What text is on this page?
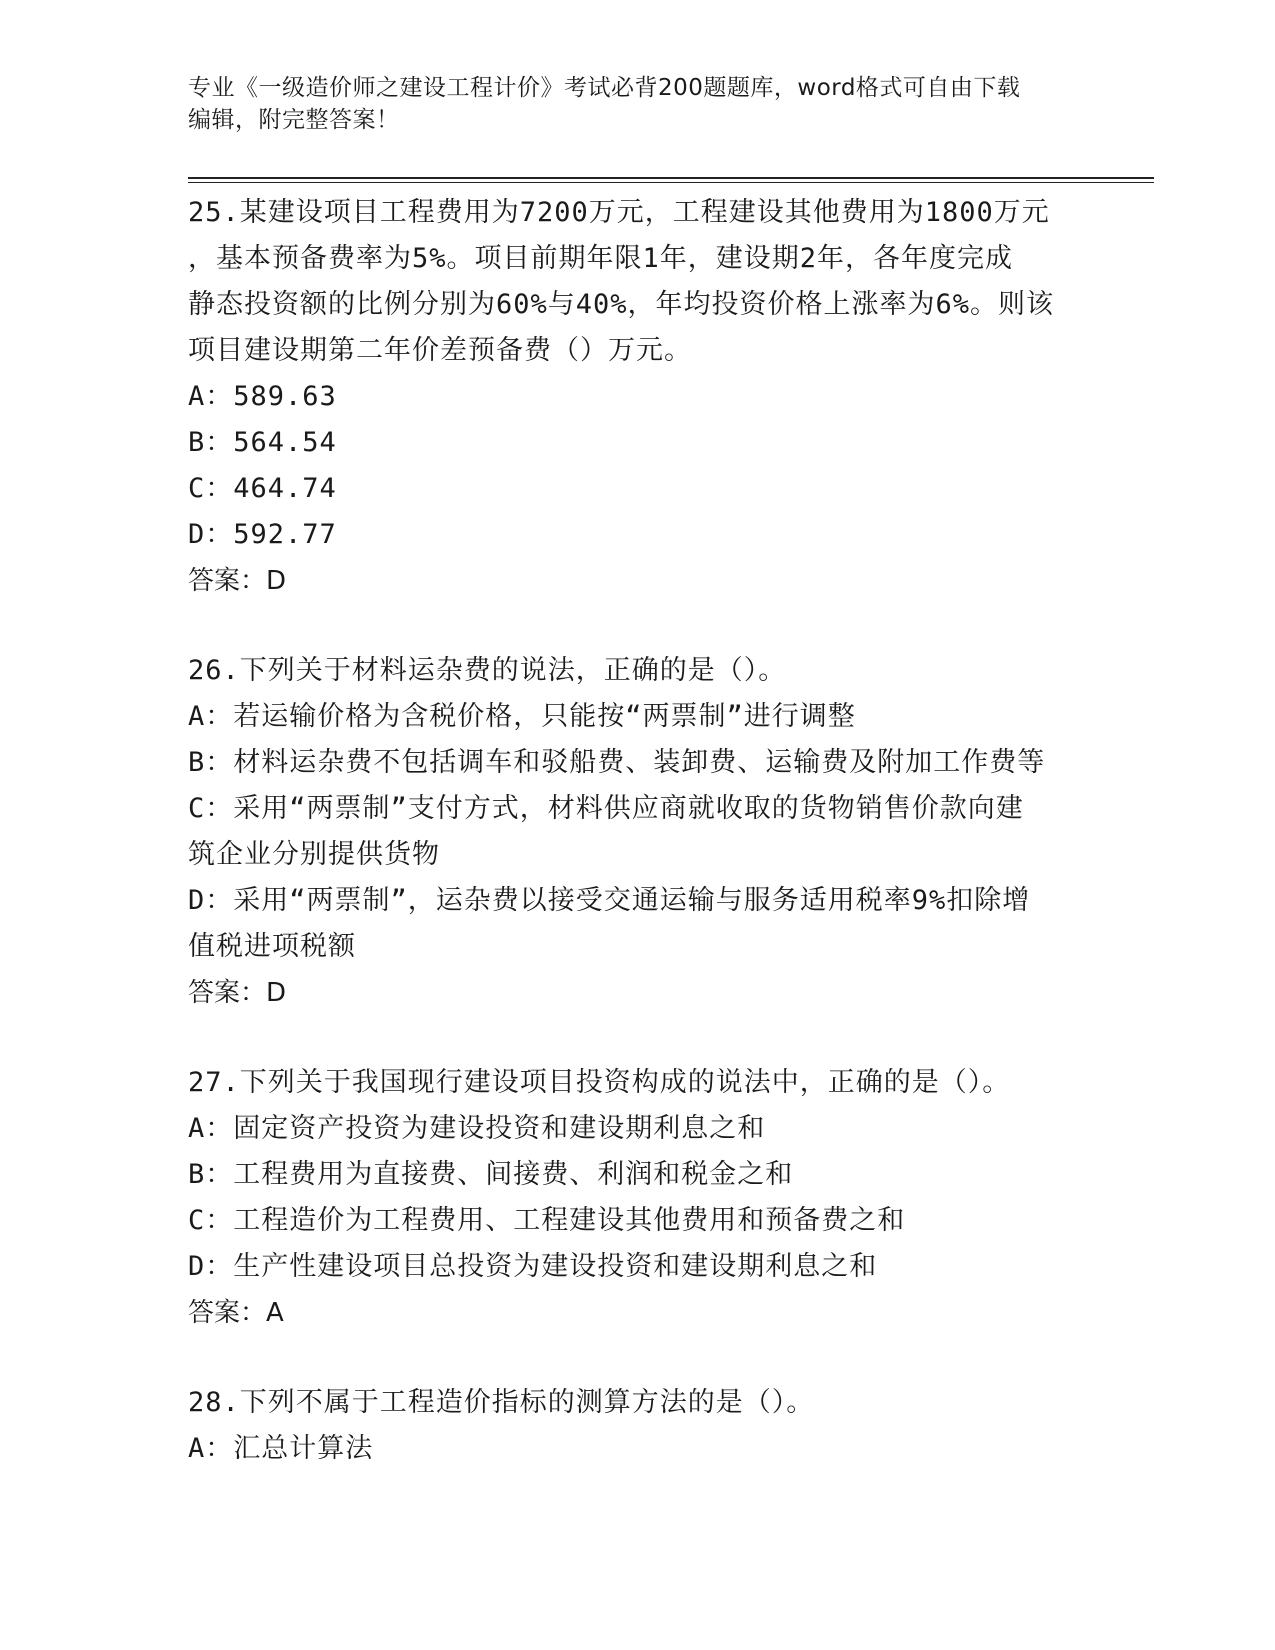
专业《一级造价师之建设工程计价》考试必背200题题库，word格式可自由下载
编辑，附完整答案！
25.某建设项目工程费用为7200万元，工程建设其他费用为1800万元
，基本预备费率为5%。项目前期年限1年，建设期2年，各年度完成
静态投资额的比例分别为60%与40%，年均投资价格上涨率为6%。则该
项目建设期第二年价差预备费（）万元。
A：589.63
B：564.54
C：464.74
D：592.77
答案：D
26.下列关于材料运杂费的说法，正确的是（）。
A：若运输价格为含税价格，只能按“两票制”进行调整
B：材料运杂费不包括调车和驳船费、装卸费、运输费及附加工作费等
C：采用“两票制”支付方式，材料供应商就收取的货物销售价款向建
筑企业分别提供货物
D：采用“两票制”，运杂费以接受交通运输与服务适用税率9%扣除增
值税进项税额
答案：D
27.下列关于我国现行建设项目投资构成的说法中，正确的是（）。
A：固定资产投资为建设投资和建设期利息之和
B：工程费用为直接费、间接费、利润和税金之和
C：工程造价为工程费用、工程建设其他费用和预备费之和
D：生产性建设项目总投资为建设投资和建设期利息之和
答案：A
28.下列不属于工程造价指标的测算方法的是（）。
A：汇总计算法
